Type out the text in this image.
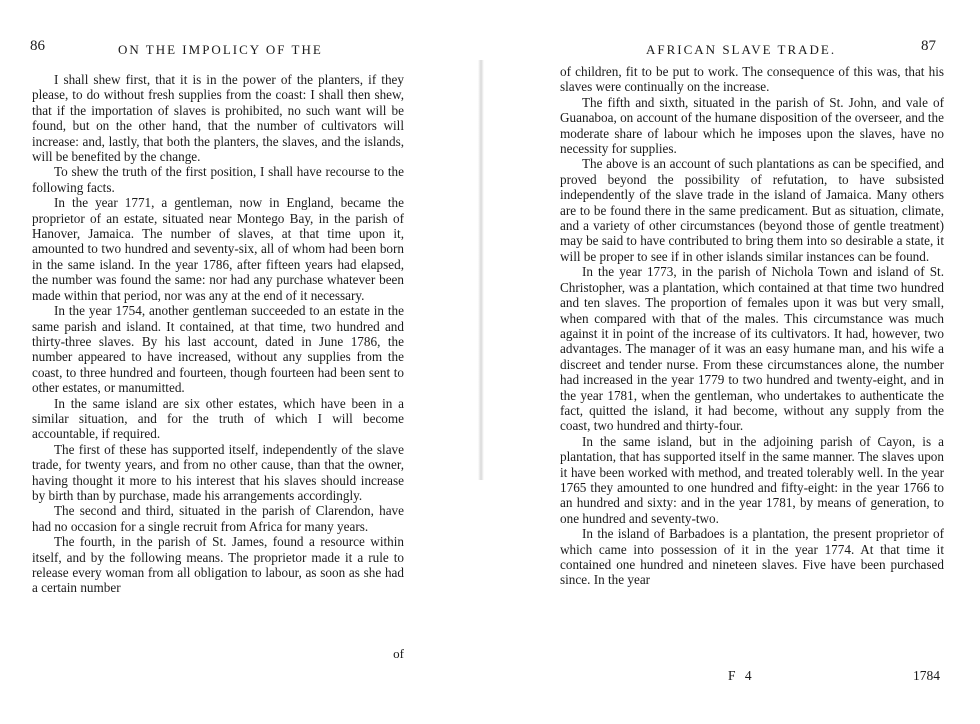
86	ON THE IMPOLICY OF THE

I shall shew first, that it is in the power of the planters, if they please, to do without fresh supplies from the coast: I shall then shew, that if the importation of slaves is prohibited, no such want will be found, but on the other hand, that the number of cultivators will increase: and, lastly, that both the planters, the slaves, and the islands, will be benefited by the change.

To shew the truth of the first position, I shall have recourse to the following facts.

In the year 1771, a gentleman, now in England, became the proprietor of an estate, situated near Montego Bay, in the parish of Hanover, Jamaica. The number of slaves, at that time upon it, amounted to two hundred and seventy-six, all of whom had been born in the same island. In the year 1786, after fifteen years had elapsed, the number was found the same: nor had any purchase whatever been made within that period, nor was any at the end of it necessary.

In the year 1754, another gentleman succeeded to an estate in the same parish and island. It contained, at that time, two hundred and thirty-three slaves. By his last account, dated in June 1786, the number appeared to have increased, without any supplies from the coast, to three hundred and fourteen, though fourteen had been sent to other estates, or manumitted.

In the same island are six other estates, which have been in a similar situation, and for the truth of which I will become accountable, if required.

The first of these has supported itself, independently of the slave trade, for twenty years, and from no other cause, than that the owner, having thought it more to his interest that his slaves should increase by birth than by purchase, made his arrangements accordingly.

The second and third, situated in the parish of Clarendon, have had no occasion for a single recruit from Africa for many years.

The fourth, in the parish of St. James, found a resource within itself, and by the following means. The proprietor made it a rule to release every woman from all obligation to labour, as soon as she had a certain number

of
AFRICAN SLAVE TRADE.	87

of children, fit to be put to work. The consequence of this was, that his slaves were continually on the increase.

The fifth and sixth, situated in the parish of St. John, and vale of Guanaboa, on account of the humane disposition of the overseer, and the moderate share of labour which he imposes upon the slaves, have no necessity for supplies.

The above is an account of such plantations as can be specified, and proved beyond the possibility of refutation, to have subsisted independently of the slave trade in the island of Jamaica. Many others are to be found there in the same predicament. But as situation, climate, and a variety of other circumstances (beyond those of gentle treatment) may be said to have contributed to bring them into so desirable a state, it will be proper to see if in other islands similar instances can be found.

In the year 1773, in the parish of Nichola Town and island of St. Christopher, was a plantation, which contained at that time two hundred and ten slaves. The proportion of females upon it was but very small, when compared with that of the males. This circumstance was much against it in point of the increase of its cultivators. It had, however, two advantages. The manager of it was an easy humane man, and his wife a discreet and tender nurse. From these circumstances alone, the number had increased in the year 1779 to two hundred and twenty-eight, and in the year 1781, when the gentleman, who undertakes to authenticate the fact, quitted the island, it had become, without any supply from the coast, two hundred and thirty-four.

In the same island, but in the adjoining parish of Cayon, is a plantation, that has supported itself in the same manner. The slaves upon it have been worked with method, and treated tolerably well. In the year 1765 they amounted to one hundred and fifty-eight: in the year 1766 to an hundred and sixty: and in the year 1781, by means of generation, to one hundred and seventy-two.

In the island of Barbadoes is a plantation, the present proprietor of which came into possession of it in the year 1774. At that time it contained one hundred and nineteen slaves. Five have been purchased since. In the year

F 4	1784
